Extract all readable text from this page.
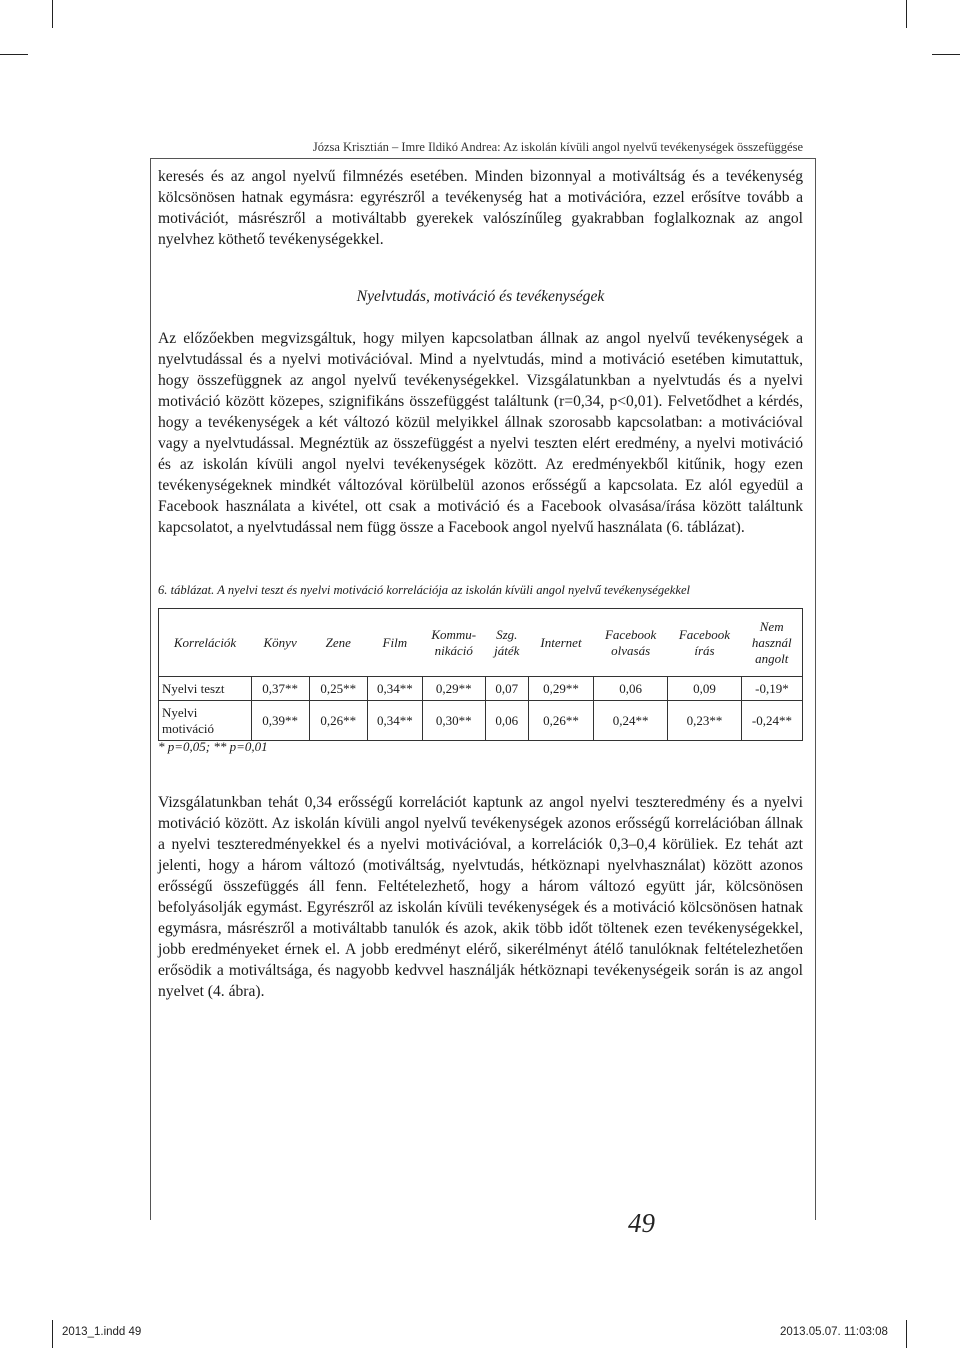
Józsa Krisztián – Imre Ildikó Andrea: Az iskolán kívüli angol nyelvű tevékenységek összefüggése

keresés és az angol nyelvű filmnézés esetében. Minden bizonnyal a motiváltság és a tevékenység kölcsönösen hatnak egymásra: egyrészről a tevékenység hat a motivációra, ezzel erősítve tovább a motivációt, másrészről a motiváltabb gyerekek valószínűleg gyakrabban foglalkoznak az angol nyelvhez köthető tevékenységekkel.

Nyelvtudás, motiváció és tevékenységek

Az előzőekben megvizsgáltuk, hogy milyen kapcsolatban állnak az angol nyelvű tevékenységek a nyelvtudással és a nyelvi motivációval. Mind a nyelvtudás, mind a motiváció esetében kimutattuk, hogy összefüggnek az angol nyelvű tevékenységekkel. Vizsgálatunkban a nyelvtudás és a nyelvi motiváció között közepes, szignifikáns összefüggést találtunk (r=0,34, p<0,01). Felvetődhet a kérdés, hogy a tevékenységek a két változó közül melyikkel állnak szorosabb kapcsolatban: a motivációval vagy a nyelvtudással. Megnéztük az összefüggést a nyelvi teszten elért eredmény, a nyelvi motiváció és az iskolán kívüli angol nyelvi tevékenységek között. Az eredményekből kitűnik, hogy ezen tevékenységeknek mindkét változóval körülbelül azonos erősségű a kapcsolata. Ez alól egyedül a Facebook használata a kivétel, ott csak a motiváció és a Facebook olvasása/írása között találtunk kapcsolatot, a nyelvtudással nem függ össze a Facebook angol nyelvű használata (6. táblázat).

6. táblázat. A nyelvi teszt és nyelvi motiváció korrelációja az iskolán kívüli angol nyelvű tevékenységekkel
Korrelációk	Könyv	Zene	Film	Kommu-nikáció	Szg. játék	Internet	Facebook olvasás	Facebook írás	Nem használ angolt
Nyelvi teszt	0,37**	0,25**	0,34**	0,29**	0,07	0,29**	0,06	0,09	-0,19*
Nyelvi motiváció	0,39**	0,26**	0,34**	0,30**	0,06	0,26**	0,24**	0,23**	-0,24**
* p=0,05; ** p=0,01

Vizsgálatunkban tehát 0,34 erősségű korrelációt kaptunk az angol nyelvi teszteredmény és a nyelvi motiváció között. Az iskolán kívüli angol nyelvű tevékenységek azonos erősségű korrelációban állnak a nyelvi teszteredményekkel és a nyelvi motivációval, a korrelációk 0,3–0,4 körüliek. Ez tehát azt jelenti, hogy a három változó (motiváltság, nyelvtudás, hétköznapi nyelvhasználat) között azonos erősségű összefüggés áll fenn. Feltételezhető, hogy a három változó együtt jár, kölcsönösen befolyásolják egymást. Egyrészről az iskolán kívüli tevékenységek és a motiváció kölcsönösen hatnak egymásra, másrészről a motiváltabb tanulók és azok, akik több időt töltenek ezen tevékenységekkel, jobb eredményeket érnek el. A jobb eredményt elérő, sikerélményt átélő tanulóknak feltételezhetően erősödik a motiváltsága, és nagyobb kedvvel használják hétköznapi tevékenységeik során is az angol nyelvet (4. ábra).

49
2013_1.indd 49	2013.05.07. 11:03:08
